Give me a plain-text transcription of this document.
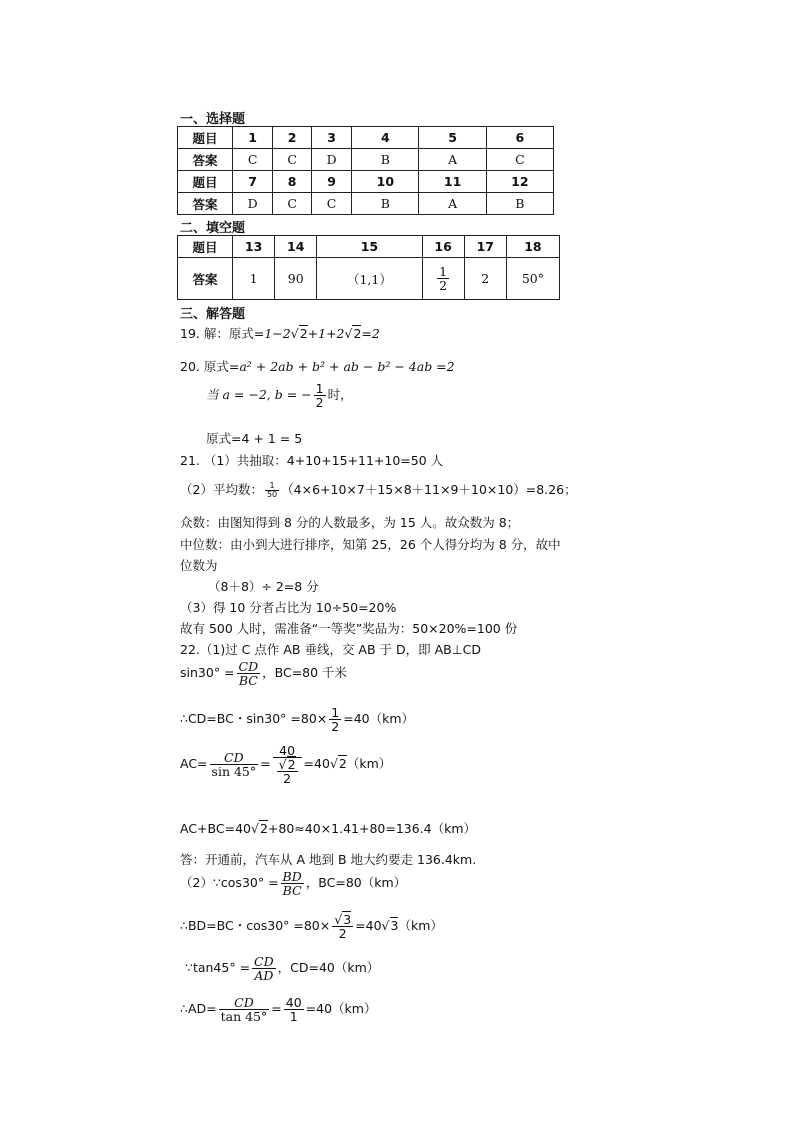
一、选择题
题目	1	2	3	4	5	6
答案	C	C	D	B	A	C
题目	7	8	9	10	11	12
答案	D	C	C	B	A	B
二、填空题
题目	13	14	15	16	17	18
答案	1	90	（1,1）	$\frac{1}{2}$	2	50°
三、解答题
19. 解：原式=1−2√2+1+2√2=2
20. 原式=a² + 2ab + b² + ab − b² − 4ab =2
当 a = −2, b = − $\frac{1}{2}$ 时，
原式=4 + 1 = 5
21. （1）共抽取：4+10+15+11+10=50 人
（2）平均数： $\frac{1}{50} (4\times 6+10\times 7+15\times 8+11\times 9+10\times 10)=8.26$；
众数：由图知得到 8 分的人数最多，为 15 人。故众数为 8；
中位数：由小到大进行排序，知第 25，26 个人得分均为 8 分，故中
位数为
（8＋8）÷ 2=8 分
（3）得 10 分者占比为 10÷50=20%
故有 500 人时，需准备“一等奖”奖品为：50×20%=100 份
22.（1)过 C 点作 AB 垂线，交 AB 于 D，即 AB⊥CD
$\sin 30^\circ = \frac{CD}{BC}$ ，BC=80 千米
∴CD=BC・$\sin 30^\circ =80\times \frac{1}{2} =40(km)$
$AC= \frac{CD}{\sin 45^\circ} = \frac{40}{\frac{√2}{2}} =40√2(km)$
AC+BC=40√2+80≈40×1.41+80=136.4（km）
答：开通前，汽车从 A 地到 B 地大约要走 136.4km.
（2）∵cos30° = $\frac{BD}{BC}$ ，BC=80（km）
∴BD=BC・$\cos 30^\circ =80\times \frac{√3}{2} =40√3(km)$
∵tan45° = $\frac{CD}{AD}$ ，CD=40（km）
∴AD= $\frac{CD}{\tan 45^\circ} = \frac{40}{1} =40(km)$
